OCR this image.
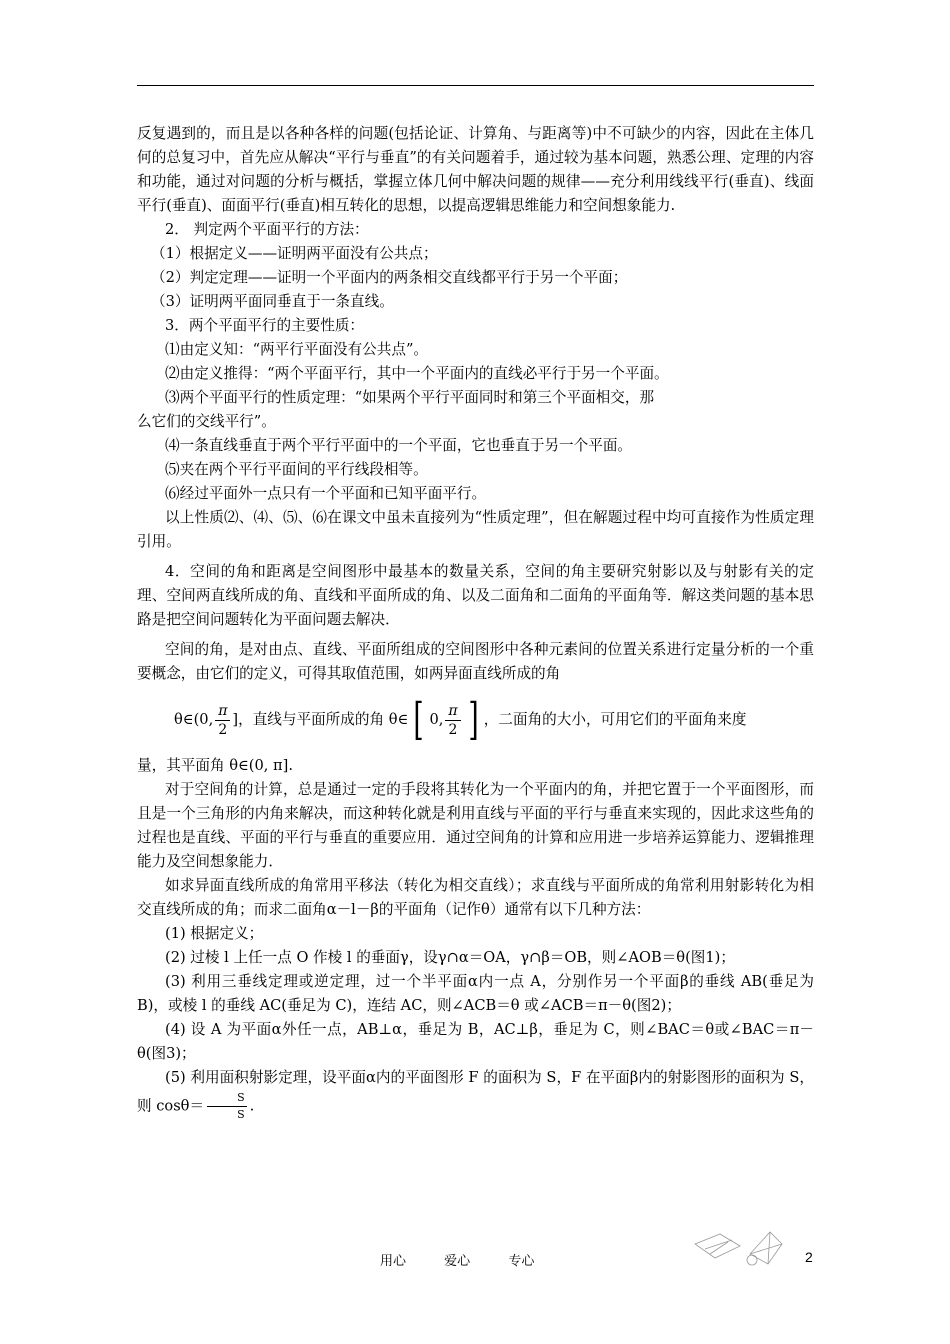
反复遇到的，而且是以各种各样的问题(包括论证、计算角、与距离等)中不可缺少的内容，因此在主体几何的总复习中，首先应从解决“平行与垂直”的有关问题着手，通过较为基本问题，熟悉公理、定理的内容和功能，通过对问题的分析与概括，掌握立体几何中解决问题的规律——充分利用线线平行(垂直)、线面平行(垂直)、面面平行(垂直)相互转化的思想，以提高逻辑思维能力和空间想象能力.

2． 判定两个平面平行的方法：

（1）根据定义——证明两平面没有公共点；

（2）判定定理——证明一个平面内的两条相交直线都平行于另一个平面；

（3）证明两平面同垂直于一条直线。

3．两个平面平行的主要性质：

⑴由定义知：“两平行平面没有公共点”。

⑵由定义推得：“两个平面平行，其中一个平面内的直线必平行于另一个平面。

⑶两个平面平行的性质定理：“如果两个平行平面同时和第三个平面相交，那

么它们的交线平行”。

⑷一条直线垂直于两个平行平面中的一个平面，它也垂直于另一个平面。

⑸夹在两个平行平面间的平行线段相等。

⑹经过平面外一点只有一个平面和已知平面平行。

以上性质⑵、⑷、⑸、⑹在课文中虽未直接列为“性质定理”，但在解题过程中均可直接作为性质定理引用。

4．空间的角和距离是空间图形中最基本的数量关系，空间的角主要研究射影以及与射影有关的定理、空间两直线所成的角、直线和平面所成的角、以及二面角和二面角的平面角等．解这类问题的基本思路是把空间问题转化为平面问题去解决．

空间的角，是对由点、直线、平面所组成的空间图形中各种元素间的位置关系进行定量分析的一个重要概念，由它们的定义，可得其取值范围，如两异面直线所成的角

θ∈(0, $\frac{\pi}{2}$ ]，直线与平面所成的角 θ∈ [ 0, $\frac{\pi}{2}$ ] ，二面角的大小，可用它们的平面角来度

量，其平面角 θ∈(0, π].

对于空间角的计算，总是通过一定的手段将其转化为一个平面内的角，并把它置于一个平面图形，而且是一个三角形的内角来解决，而这种转化就是利用直线与平面的平行与垂直来实现的，因此求这些角的过程也是直线、平面的平行与垂直的重要应用．通过空间角的计算和应用进一步培养运算能力、逻辑推理能力及空间想象能力．

如求异面直线所成的角常用平移法（转化为相交直线）；求直线与平面所成的角常利用射影转化为相交直线所成的角；而求二面角α－l－β的平面角（记作θ）通常有以下几种方法：

(1) 根据定义；

(2) 过棱 l 上任一点 O 作棱 l 的垂面γ，设γ∩α＝OA，γ∩β＝OB，则∠AOB＝θ(图1)；

(3) 利用三垂线定理或逆定理，过一个半平面α内一点 A，分别作另一个平面β的垂线 AB(垂足为 B)，或棱 l 的垂线 AC(垂足为 C)，连结 AC，则∠ACB＝θ 或∠ACB＝π－θ(图2)；

(4) 设 A 为平面α外任一点，AB⊥α，垂足为 B，AC⊥β，垂足为 C，则∠BAC＝θ或∠BAC＝π－θ(图3)；

(5) 利用面积射影定理，设平面α内的平面图形 F 的面积为 S，F 在平面β内的射影图形的面积为 S，则 $\cos\theta= \frac{S}{S}$ .

用心	爱心	专心	2
